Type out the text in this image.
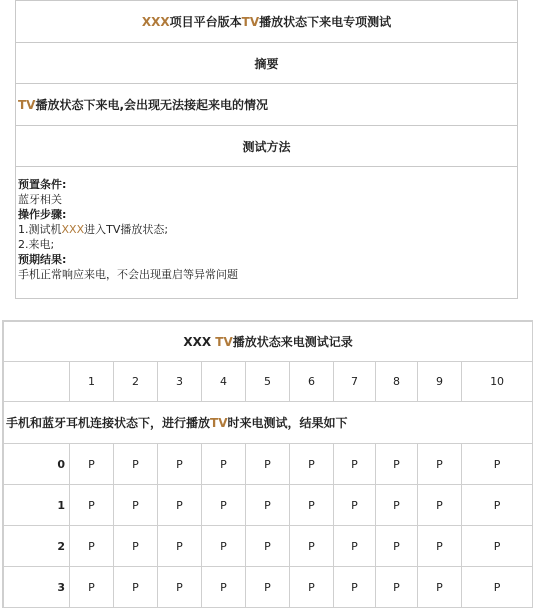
XXX 项目平台版本 TV 播放状态下来电专项测试
摘要
TV 播放状态下来电,会出现无法接起来电的情况
测试方法
预置条件:
蓝牙相关
操作步骤:
1.测试机XXX进入TV播放状态;
2.来电;
预期结果:
手机正常响应来电，不会出现重启等异常问题
XXX TV播放状态来电测试记录										
	1	2	3	4	5	6	7	8	9	10
手机和蓝牙耳机连接状态下，进行播放TV时来电测试，结果如下										
0	P	P	P	P	P	P	P	P	P	P
1	P	P	P	P	P	P	P	P	P	P
2	P	P	P	P	P	P	P	P	P	P
3	P	P	P	P	P	P	P	P	P	P
